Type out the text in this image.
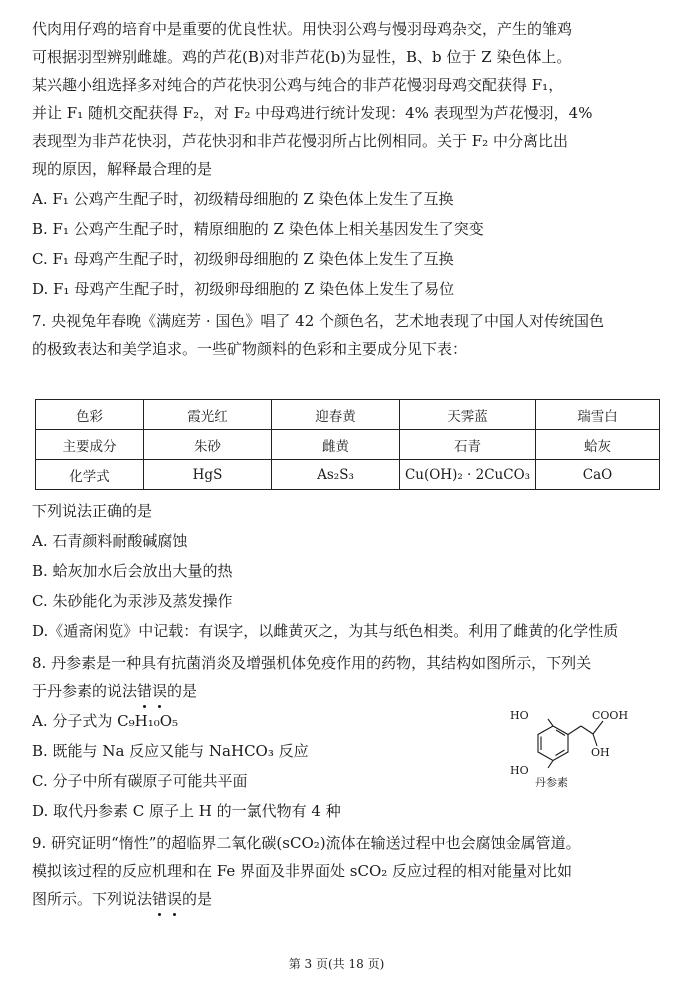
代肉用仔鸡的培育中是重要的优良性状。用快羽公鸡与慢羽母鸡杂交，产生的雏鸡
可根据羽型辨别雌雄。鸡的芦花(B)对非芦花(b)为显性，B、b 位于 Z 染色体上。
某兴趣小组选择多对纯合的芦花快羽公鸡与纯合的非芦花慢羽母鸡交配获得 F₁，
并让 F₁ 随机交配获得 F₂，对 F₂ 中母鸡进行统计发现：4% 表现型为芦花慢羽，4%
表现型为非芦花快羽，芦花快羽和非芦花慢羽所占比例相同。关于 F₂ 中分离比出
现的原因，解释最合理的是
A. F₁ 公鸡产生配子时，初级精母细胞的 Z 染色体上发生了互换
B. F₁ 公鸡产生配子时，精原细胞的 Z 染色体上相关基因发生了突变
C. F₁ 母鸡产生配子时，初级卵母细胞的 Z 染色体上发生了互换
D. F₁ 母鸡产生配子时，初级卵母细胞的 Z 染色体上发生了易位
7. 央视兔年春晚《满庭芳 · 国色》唱了 42 个颜色名，艺术地表现了中国人对传统国色
的极致表达和美学追求。一些矿物颜料的色彩和主要成分见下表：
色彩	霞光红	迎春黄	天霁蓝	瑞雪白
主要成分	朱砂	雌黄	石青	蛤灰
化学式	HgS	As₂S₃	Cu(OH)₂ · 2CuCO₃	CaO
下列说法正确的是
A. 石青颜料耐酸碱腐蚀
B. 蛤灰加水后会放出大量的热
C. 朱砂能化为汞涉及蒸发操作
D.《遁斋闲览》中记载：有误字，以雌黄灭之，为其与纸色相类。利用了雌黄的化学性质
8. 丹参素是一种具有抗菌消炎及增强机体免疫作用的药物，其结构如图所示，下列关
于丹参素的说法错误的是
A. 分子式为 C₉H₁₀O₅
B. 既能与 Na 反应又能与 NaHCO₃ 反应
C. 分子中所有碳原子可能共平面
D. 取代丹参素 C 原子上 H 的一氯代物有 4 种
HO
HO
COOH
OH
丹参素
9. 研究证明“惰性”的超临界二氧化碳(sCO₂)流体在输送过程中也会腐蚀金属管道。
模拟该过程的反应机理和在 Fe 界面及非界面处 sCO₂ 反应过程的相对能量对比如
图所示。下列说法错误的是
第 3 页(共 18 页)
